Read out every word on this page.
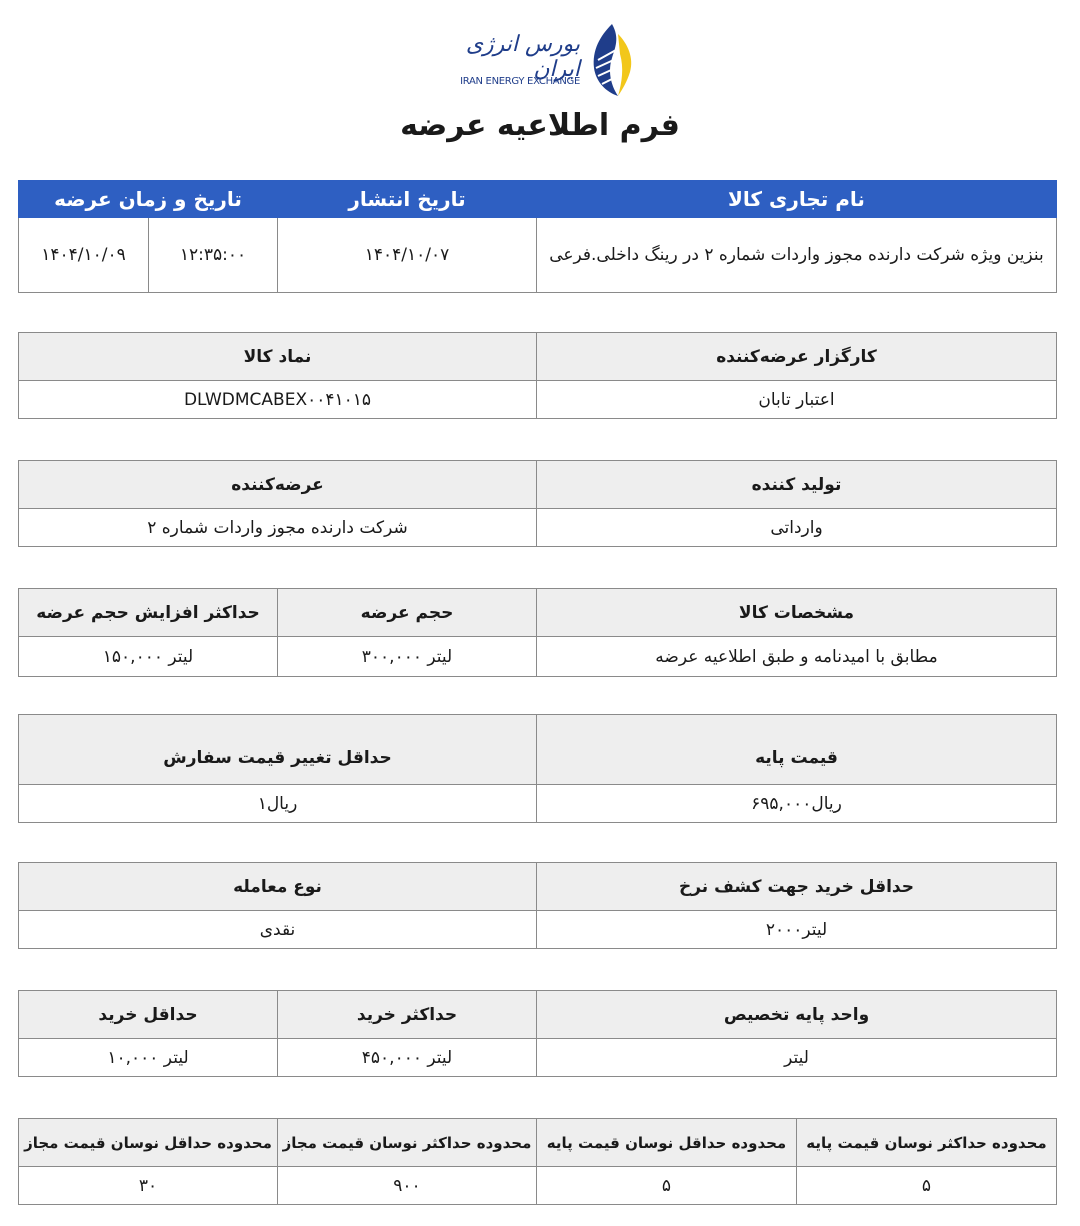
بورس انرژی ایران
IRAN ENERGY EXCHANGE
فرم اطلاعیه عرضه
نام تجاری کالا	تاریخ انتشار	تاریخ و زمان عرضه	
بنزین ویژه شرکت دارنده مجوز واردات شماره ۲ در رینگ داخلی.فرعی	۱۴۰۴/۱۰/۰۷	۱۲:۳۵:۰۰	۱۴۰۴/۱۰/۰۹
کارگزار عرضه‌کننده	نماد کالا
اعتبار تابان	DLWDMCABEX۰۰۴۱۰۱۵
تولید کننده	عرضه‌کننده
وارداتی	شرکت دارنده مجوز واردات شماره ۲
مشخصات کالا	حجم عرضه	حداکثر افزایش حجم عرضه
مطابق با امیدنامه و طبق اطلاعیه عرضه	لیتر ۳۰۰,۰۰۰	لیتر ۱۵۰,۰۰۰
قیمت پایه	حداقل تغییر قیمت سفارش
ریال۶۹۵,۰۰۰	ریال۱
حداقل خرید جهت کشف نرخ	نوع معامله
لیتر۲۰۰۰	نقدی
واحد پایه تخصیص	حداکثر خرید	حداقل خرید
لیتر	لیتر ۴۵۰,۰۰۰	لیتر ۱۰,۰۰۰
محدوده حداکثر نوسان قیمت پایه	محدوده حداقل نوسان قیمت پایه	محدوده حداکثر نوسان قیمت مجاز	محدوده حداقل نوسان قیمت مجاز
۵	۵	۹۰۰	۳۰
